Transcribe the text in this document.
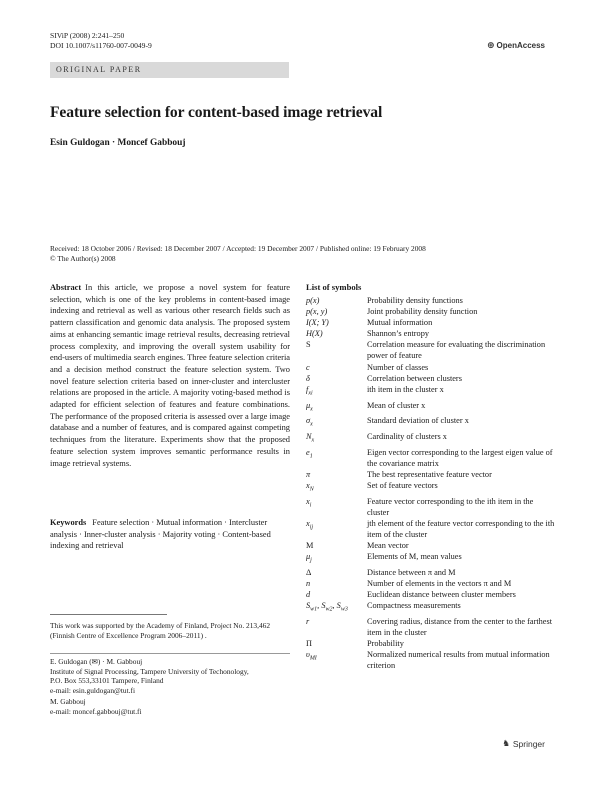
SIViP (2008) 2:241–250
DOI 10.1007/s11760-007-0049-9	⊕ OpenAccess
ORIGINAL PAPER
Feature selection for content-based image retrieval
Esin Guldogan · Moncef Gabbouj
Received: 18 October 2006 / Revised: 18 December 2007 / Accepted: 19 December 2007 / Published online: 19 February 2008
© The Author(s) 2008
Abstract In this article, we propose a novel system for feature selection, which is one of the key problems in content-based image indexing and retrieval as well as various other research fields such as pattern classification and genomic data analysis. The proposed system aims at enhancing semantic image retrieval results, decreasing retrieval process complexity, and improving the overall system usability for end-users of multimedia search engines. Three feature selection criteria and a decision method construct the feature selection system. Two novel feature selection criteria based on inner-cluster and intercluster relations are proposed in the article. A majority voting-based method is adapted for efficient selection of features and feature combinations. The performance of the proposed criteria is assessed over a large image database and a number of features, and is compared against competing techniques from the literature. Experiments show that the proposed feature selection system improves semantic performance results in image retrieval systems.
Keywords Feature selection · Mutual information · Intercluster analysis · Inner-cluster analysis · Majority voting · Content-based indexing and retrieval
This work was supported by the Academy of Finland, Project No. 213,462 (Finnish Centre of Excellence Program 2006–2011) .
E. Guldogan (✉) · M. Gabbouj
Institute of Signal Processing, Tampere University of Techonology,
P.O. Box 553,33101 Tampere, Finland
e-mail: esin.guldogan@tut.fi
M. Gabbouj
e-mail: moncef.gabbouj@tut.fi
List of symbols
p(x)	Probability density functions
p(x, y)	Joint probability density function
I(X; Y)	Mutual information
H(X)	Shannon’s entropy
S	Correlation measure for evaluating the discrimination power of feature
c	Number of classes
δ	Correlation between clusters
$f_{xi}$	ith item in the cluster x
$\mu_x$	Mean of cluster x
$\sigma_x$	Standard deviation of cluster x
$N_x$	Cardinality of clusters x
$e_1$	Eigen vector corresponding to the largest eigen value of the covariance matrix
π	The best representative feature vector
$x_N$	Set of feature vectors
$x_i$	Feature vector corresponding to the ith item in the cluster
$x_{ij}$	jth element of the feature vector corresponding to the ith item of the cluster
M	Mean vector
$\mu_j$	Elements of M, mean values
Δ	Distance between π and M
n	Number of elements in the vectors π and M
d	Euclidean distance between cluster members
$S_{w1}$, $S_{w2}$, $S_{w3}$	Compactness measurements
r	Covering radius, distance from the center to the farthest item in the cluster
Π	Probability
$\upsilon_{MI}$	Normalized numerical results from mutual information criterion
♞ Springer
